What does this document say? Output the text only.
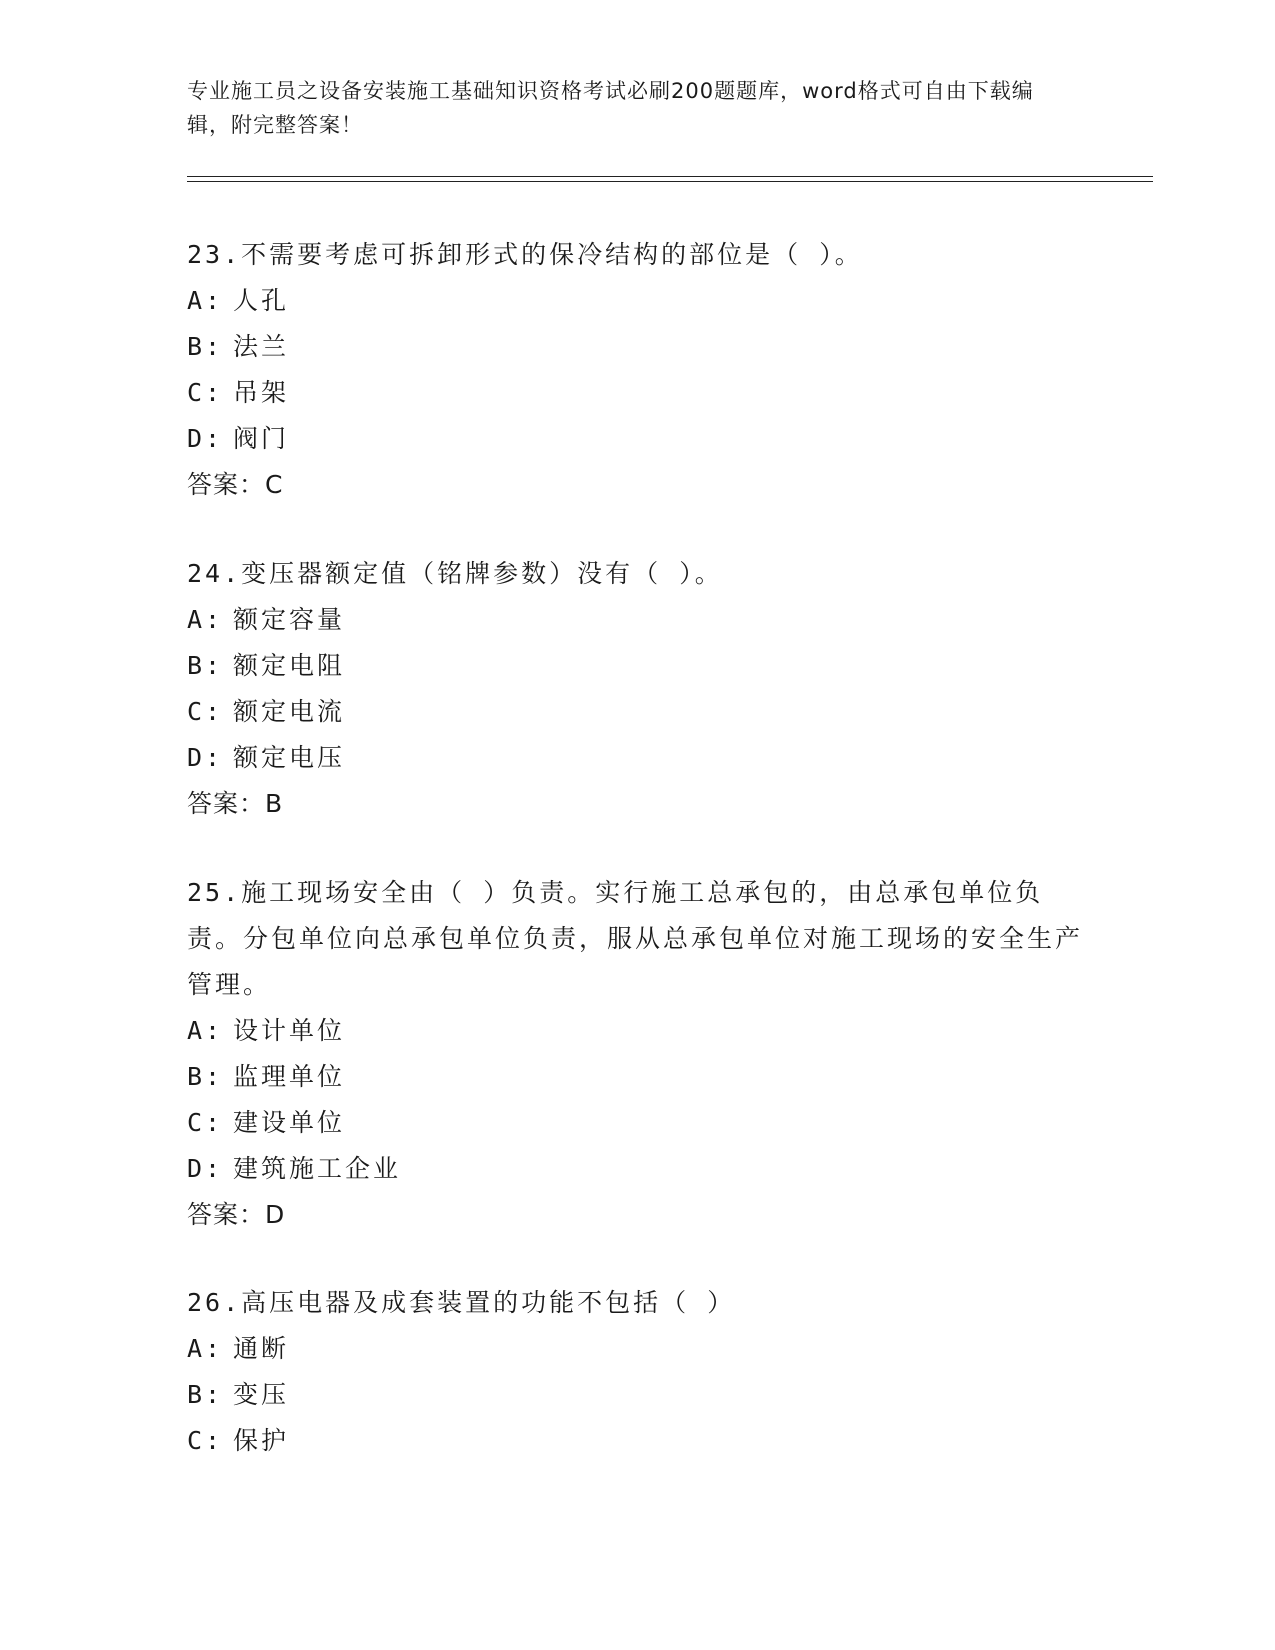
专业施工员之设备安装施工基础知识资格考试必刷200题题库，word格式可自由下载编辑，附完整答案！

23.不需要考虑可拆卸形式的保冷结构的部位是（ ）。

A: 人孔
B: 法兰
C: 吊架
D: 阀门
答案：C

24.变压器额定值（铭牌参数）没有（ ）。

A: 额定容量
B: 额定电阻
C: 额定电流
D: 额定电压
答案：B

25.施工现场安全由（ ）负责。实行施工总承包的，由总承包单位负责。分包单位向总承包单位负责，服从总承包单位对施工现场的安全生产管理。

A: 设计单位
B: 监理单位
C: 建设单位
D: 建筑施工企业
答案：D

26.高压电器及成套装置的功能不包括（ ）

A: 通断
B: 变压
C: 保护
